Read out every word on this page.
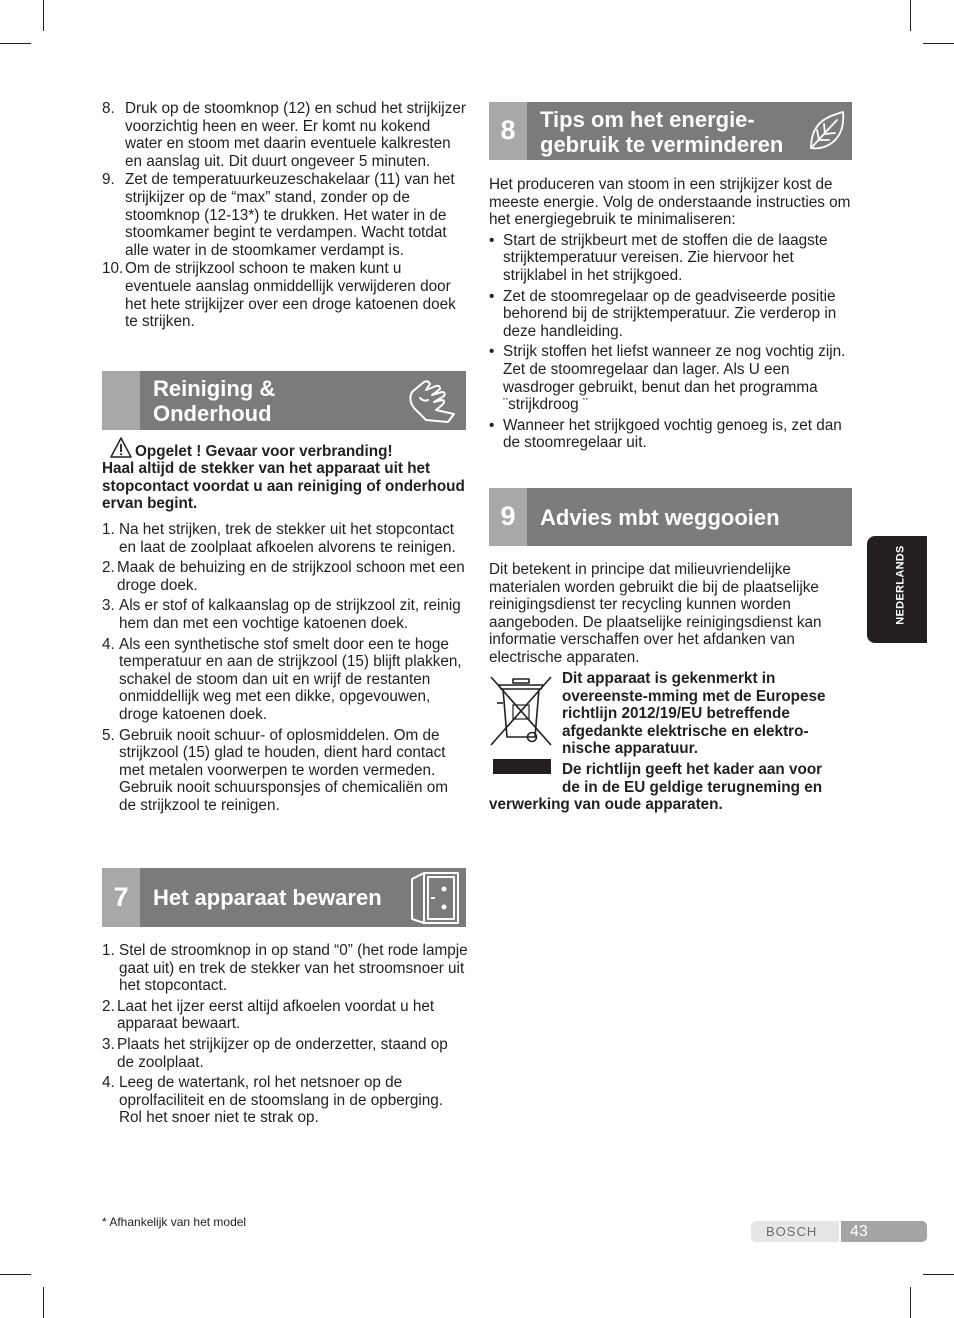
8. Druk op de stoomknop (12) en schud het strijkijzer voorzichtig heen en weer. Er komt nu kokend water en stoom met daarin eventuele kalkresten en aanslag uit. Dit duurt ongeveer 5 minuten.
9. Zet de temperatuurkeuzeschakelaar (11) van het strijkijzer op de “max” stand, zonder op de stoomknop (12-13*) te drukken. Het water in de stoomkamer begint te verdampen. Wacht totdat alle water in de stoomkamer verdampt is.
10. Om de strijkzool schoon te maken kunt u eventuele aanslag onmiddellijk verwijderen door het hete strijkijzer over een droge katoenen doek te strijken.
Reiniging &
Onderhoud
Opgelet ! Gevaar voor verbranding!

Haal altijd de stekker van het apparaat uit het stopcontact voordat u aan reiniging of onderhoud ervan begint.

1. Na het strijken, trek de stekker uit het stopcontact en laat de zoolplaat afkoelen alvorens te reinigen.
2. Maak de behuizing en de strijkzool schoon met een droge doek.
3. Als er stof of kalkaanslag op de strijkzool zit, reinig hem dan met een vochtige katoenen doek.
4. Als een synthetische stof smelt door een te hoge temperatuur en aan de strijkzool (15) blijft plakken, schakel de stoom dan uit en wrijf de restanten onmiddellijk weg met een dikke, opgevouwen, droge katoenen doek.
5. Gebruik nooit schuur- of oplosmiddelen. Om de strijkzool (15) glad te houden, dient hard contact met metalen voorwerpen te worden vermeden. Gebruik nooit schuursponsjes of chemicaliën om de strijkzool te reinigen.
7	Het apparaat bewaren
1. Stel de stroomknop in op stand “0” (het rode lampje gaat uit) en trek de stekker van het stroomsnoer uit het stopcontact.
2. Laat het ijzer eerst altijd afkoelen voordat u het apparaat bewaart.
3. Plaats het strijkijzer op de onderzetter, staand op de zoolplaat.
4. Leeg de watertank, rol het netsnoer op de oprolfaciliteit en de stoomslang in de opberging. Rol het snoer niet te strak op.
8	Tips om het energie-
gebruik te verminderen

Het produceren van stoom in een strijkijzer kost de meeste energie. Volg de onderstaande instructies om het energiegebruik te minimaliseren:

• Start de strijkbeurt met de stoffen die de laagste strijktemperatuur vereisen. Zie hiervoor het strijklabel in het strijkgoed.
• Zet de stoomregelaar op de geadviseerde positie behorend bij de strijktemperatuur. Zie verderop in deze handleiding.
• Strijk stoffen het liefst wanneer ze nog vochtig zijn. Zet de stoomregelaar dan lager. Als U een wasdroger gebruikt, benut dan het programma ¨strijkdroog ¨
• Wanneer het strijkgoed vochtig genoeg is, zet dan de stoomregelaar uit.
9	Advies mbt weggooien

Dit betekent in principe dat milieuvriendelijke materialen worden gebruikt die bij de plaatselijke reinigingsdienst ter recycling kunnen worden aangeboden. De plaatselijke reinigingsdienst kan informatie verschaffen over het afdanken van electrische apparaten.

Dit apparaat is gekenmerkt in overeenste-mming met de Europese richtlijn 2012/19/EU betreffende afgedankte elektrische en elektro-nische apparatuur.

De richtlijn geeft het kader aan voor

de in de EU geldige terugneming en

verwerking van oude apparaten.

NEDERLANDS
* Afhankelijk van het model
BOSCH 43
